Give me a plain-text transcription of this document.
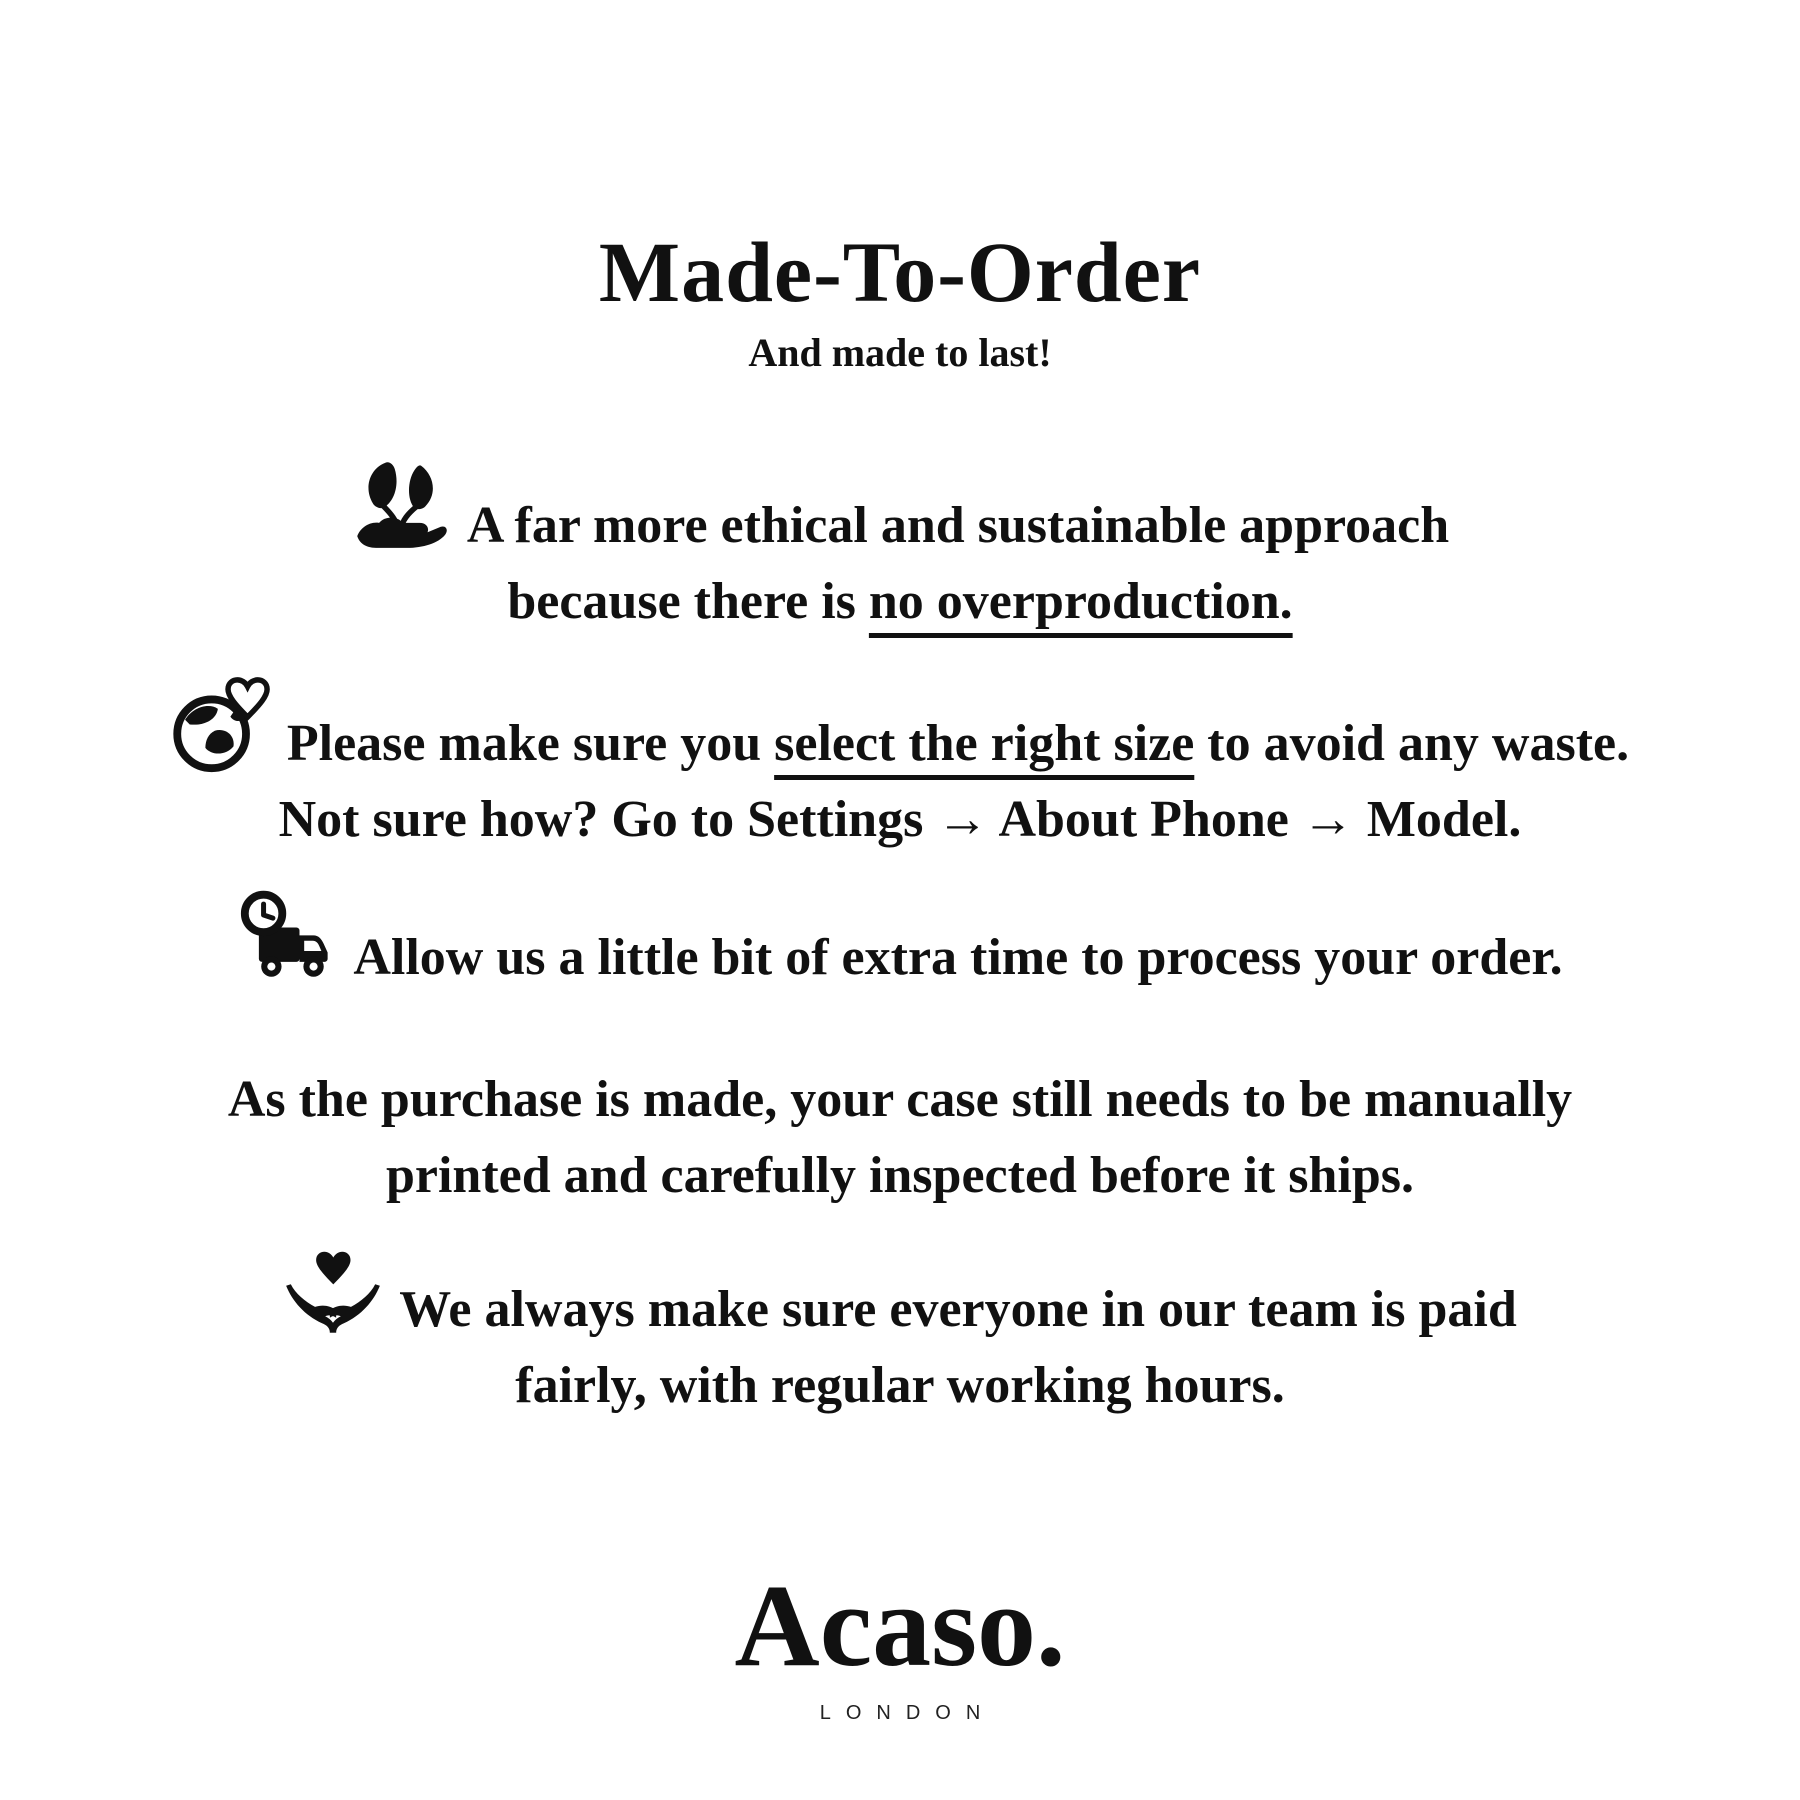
Made-To-Order
And made to last!
A far more ethical and sustainable approach
because there is no overproduction.
Please make sure you select the right size to avoid any waste.
Not sure how? Go to Settings → About Phone → Model.
Allow us a little bit of extra time to process your order.
As the purchase is made, your case still needs to be manually
printed and carefully inspected before it ships.
We always make sure everyone in our team is paid
fairly, with regular working hours.
Acaso.
LONDON
